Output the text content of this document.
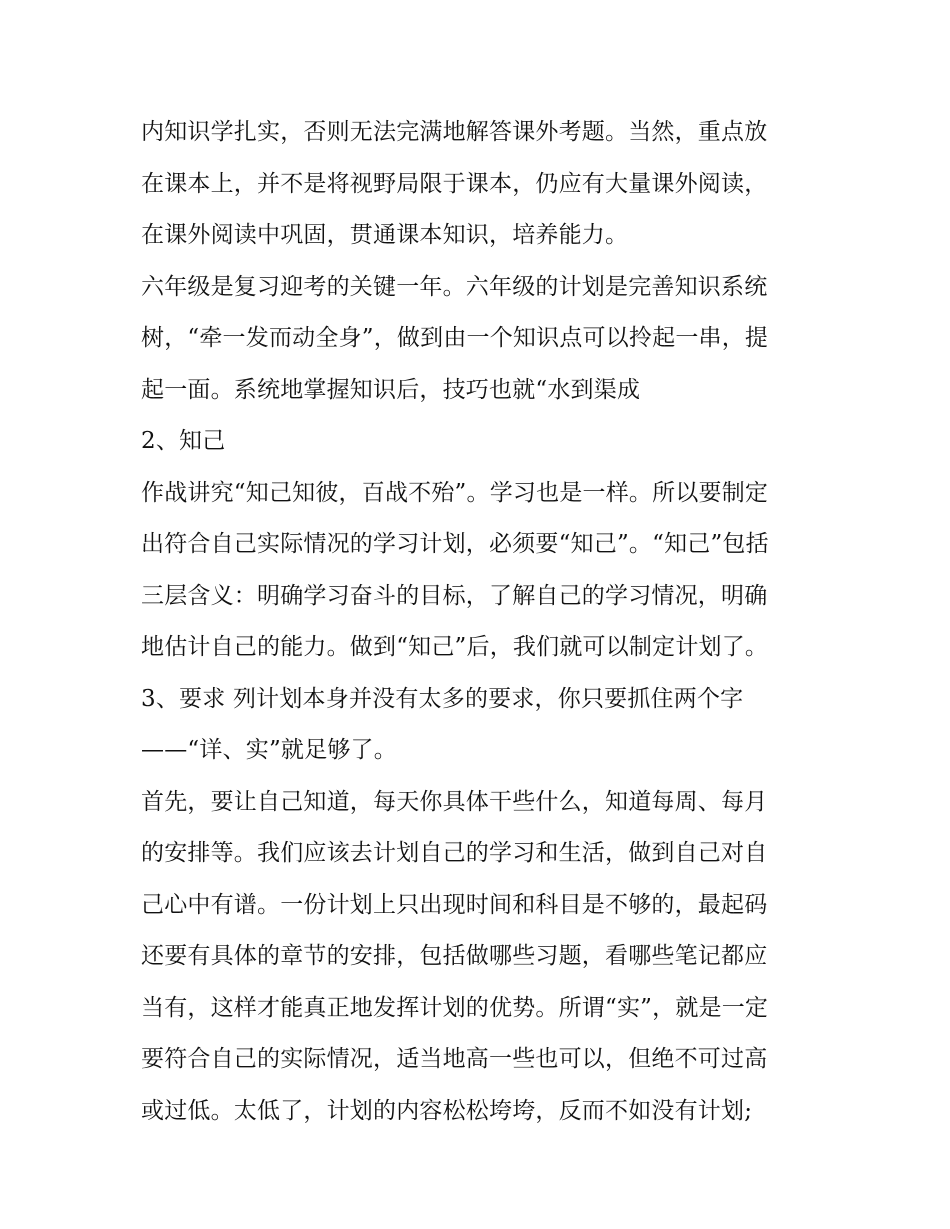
内知识学扎实，否则无法完满地解答课外考题。当然，重点放
在课本上，并不是将视野局限于课本，仍应有大量课外阅读，
在课外阅读中巩固，贯通课本知识，培养能力。
六年级是复习迎考的关键一年。六年级的计划是完善知识系统
树，“牵一发而动全身”，做到由一个知识点可以拎起一串，提
起一面。系统地掌握知识后，技巧也就“水到渠成
2、知己
作战讲究“知己知彼，百战不殆”。学习也是一样。所以要制定
出符合自己实际情况的学习计划，必须要“知己”。“知己”包括
三层含义：明确学习奋斗的目标，了解自己的学习情况，明确
地估计自己的能力。做到“知己”后，我们就可以制定计划了。
3、要求 列计划本身并没有太多的要求，你只要抓住两个字
——“详、实”就足够了。
首先，要让自己知道，每天你具体干些什么，知道每周、每月
的安排等。我们应该去计划自己的学习和生活，做到自己对自
己心中有谱。一份计划上只出现时间和科目是不够的，最起码
还要有具体的章节的安排，包括做哪些习题，看哪些笔记都应
当有，这样才能真正地发挥计划的优势。所谓“实”，就是一定
要符合自己的实际情况，适当地高一些也可以，但绝不可过高
或过低。太低了，计划的内容松松垮垮，反而不如没有计划;
